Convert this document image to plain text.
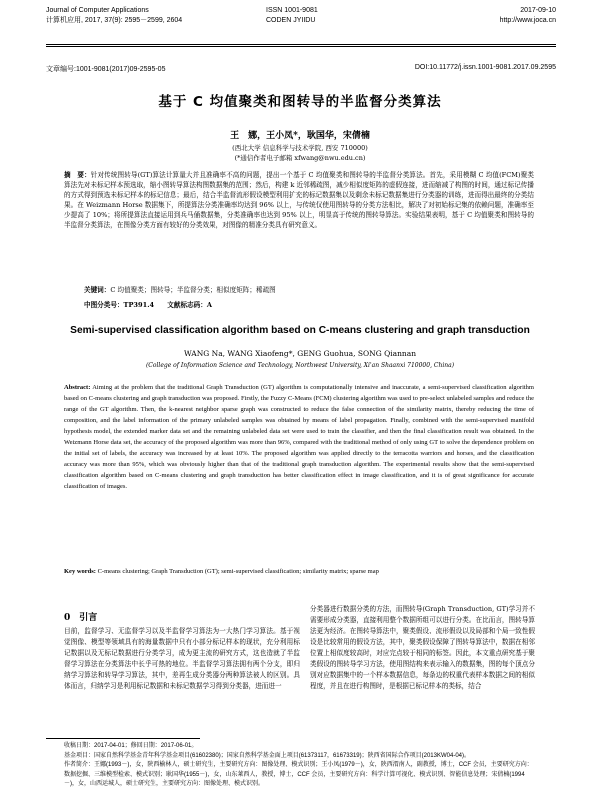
Journal of Computer Applications
计算机应用, 2017, 37(9): 2595－2599, 2604
ISSN 1001-9081
CODEN JYIIDU
2017-09-10
http://www.joca.cn
文章编号:1001-9081(2017)09-2595-05	DOI:10.11772/j.issn.1001-9081.2017.09.2595
基于 C 均值聚类和图转导的半监督分类算法
王　娜，王小凤*，耿国华，宋倩楠
(西北大学 信息科学与技术学院, 西安 710000)
(*通信作者电子邮箱 xfwang@nwu.edu.cn)
摘　要：针对传统图转导(GT)算法计算量大并且准确率不高的问题，提出一个基于 C 均值聚类和图转导的半监督分类算法。首先，采用模糊 C 均值(FCM)聚类算法先对未标记样本预选取，缩小图转导算法构图数据集的范围；然后，构建 k 近邻稀疏图，减少相似度矩阵的虚假连接，进而缩减了构图的时间，通过标记传播的方式得到预选未标记样本的标记信息；最后，结合半监督流形假设模型利用扩充的标记数据集以及剩余未标记数据集进行分类器的训练，进而得出最终的分类结果。在 Weizmann Horse 数据集下，所提算法分类准确率均达到 96% 以上，与传统仅使用图转导的分类方法相比，解决了对初始标记集的依赖问题，准确率至少提高了 10%；将所提算法直接运用到兵马俑数据集，分类准确率也达到 95% 以上，明显高于传统的图转导算法。实验结果表明，基于 C 均值聚类和图转导的半监督分类算法，在图像分类方面有较好的分类效果，对图像的精准分类具有研究意义。
关键词：C 均值聚类；图转导；半监督分类；相似度矩阵；稀疏图
中图分类号：TP391.4　　文献标志码：A
Semi-supervised classification algorithm based on C-means clustering and graph transduction
WANG Na, WANG Xiaofeng*, GENG Guohua, SONG Qiannan
(College of Information Science and Technology, Northwest University, Xi'an Shaanxi 710000, China)
Abstract: Aiming at the problem that the traditional Graph Transduction (GT) algorithm is computationally intensive and inaccurate, a semi-supervised classification algorithm based on C-means clustering and graph transduction was proposed. Firstly, the Fuzzy C-Means (FCM) clustering algorithm was used to pre-select unlabeled samples and reduce the range of the GT algorithm. Then, the k-nearest neighbor sparse graph was constructed to reduce the false connection of the similarity matrix, thereby reducing the time of composition, and the label information of the primary unlabeled samples was obtained by means of label propagation. Finally, combined with the semi-supervised manifold hypothesis model, the extended marker data set and the remaining unlabeled data set were used to train the classifier, and then the final classification result was obtained. In the Weizmann Horse data set, the accuracy of the proposed algorithm was more than 96%, compared with the traditional method of only using GT to solve the dependence problem on the initial set of labels, the accuracy was increased by at least 10%. The proposed algorithm was applied directly to the terracotta warriors and horses, and the classification accuracy was more than 95%, which was obviously higher than that of the traditional graph transduction algorithm. The experimental results show that the semi-supervised classification algorithm based on C-means clustering and graph transduction has better classification effect in image classification, and it is of great significance for accurate classification of images.
Key words: C-means clustering; Graph Transduction (GT); semi-supervised classification; similarity matrix; sparse map
0　引言
目前，监督学习、无监督学习以及半监督学习算法为一大热门学习算法。基于视觉图像、模型等领域具有的海量数据中只有小部分标记样本的现状，充分利用标记数据以及无标记数据进行分类学习，成为更主流的研究方式，这也造就了半监督学习算法在分类算法中长乎可热的地位。半监督学习算法拥有两个分支，即归纳学习算法和转导学习算法，其中，差再生成分类器分两种算法被人的区别。具体而言，归纳学习是利用标记数据和未标记数据学习得到分类器，进而进一
分类器进行数据分类的方法，而图转导(Graph Transduction, GT)学习并不需要形成分类器，直接利用整个数据所组可以进行分类。在比而言，图转导算法更为经济。在图转导算法中，聚类假设、流形假设以及局部和个局一致性假设是比较常用的假设方法，其中，聚类假设保障了图转导算法中，数据在相邻位置上相似度较高时，对应完点较于相同的标签。因此，本文重点研究基于聚类假设的图转导学习方法，使用图结构来表示输入的数据集，图的每个顶点分别对应数据集中的一个样本数据信息，每条边的权重代表样本数据之间的相似程度，并且在进行构图时，是根据已标记样本的类标，结合
收稿日期：2017-04-01；修回日期：2017-06-01。
基金项目：国家自然科学基金青年科学基金项目(61602380)；国家自然科学基金面上项目(61373117，61673319)；陕西省国际合作项目(2013KW04-04)。
作者简介：王娜(1993－)，女，陕西榆林人，硕士研究生，主要研究方向：图像处理、模式识别；王小凤(1979－)，女，陕西渭南人，副教授，博士，CCF 会员，主要研究方向：数据挖掘、三维模型检索、模式识别；耿国华(1955－)，女，山东莱西人，教授，博士，CCF 会员，主要研究方向：科学计算可视化、模式识别、智能信息处理；宋倩楠(1994－)，女，山西运城人，硕士研究生，主要研究方向：图像处理、模式识别。
